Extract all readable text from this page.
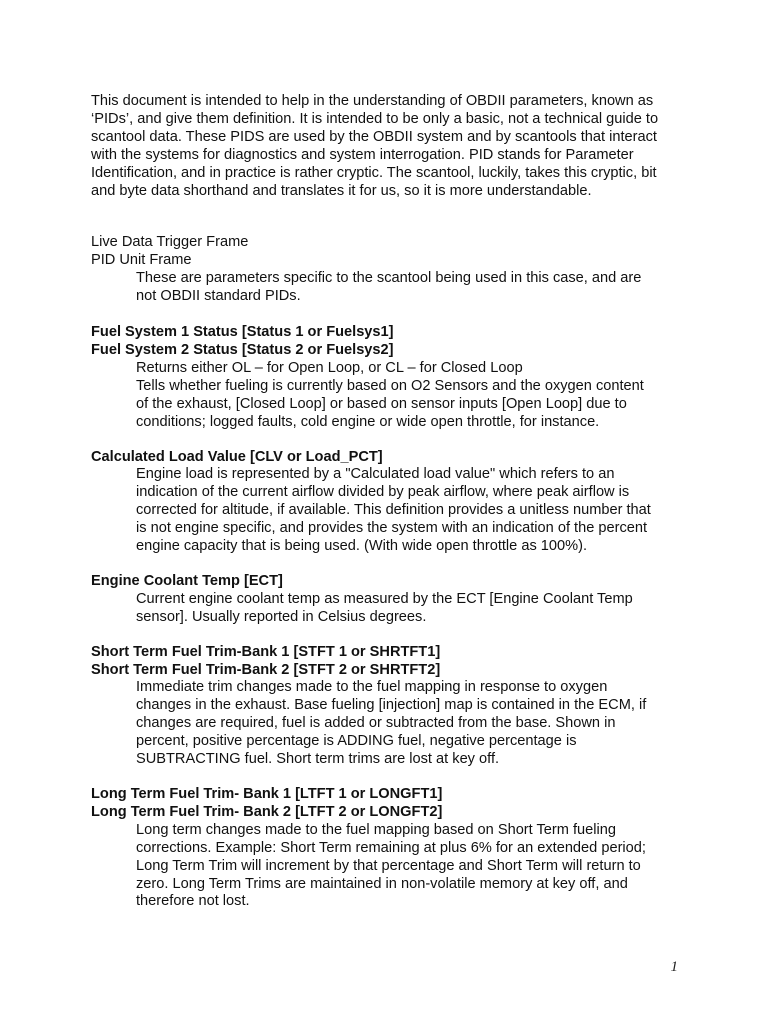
This document is intended to help in the understanding of OBDII parameters, known as
‘PIDs’, and give them definition. It is intended to be only a basic, not a technical guide to
scantool data. These PIDS are used by the OBDII system and by scantools that interact
with the systems for diagnostics and system interrogation. PID stands for Parameter
Identification, and in practice is rather cryptic. The scantool, luckily, takes this cryptic, bit
and byte data shorthand and translates it for us, so it is more understandable.

Live Data Trigger Frame
PID Unit Frame

These are parameters specific to the scantool being used in this case, and are
not OBDII standard PIDs.

Fuel System 1 Status [Status 1 or Fuelsys1]
Fuel System 2 Status [Status 2 or Fuelsys2]

Returns either OL – for Open Loop, or CL – for Closed Loop
Tells whether fueling is currently based on O2 Sensors and the oxygen content
of the exhaust, [Closed Loop] or based on sensor inputs [Open Loop] due to
conditions; logged faults, cold engine or wide open throttle, for instance.

Calculated Load Value [CLV or Load_PCT]

Engine load is represented by a "Calculated load value" which refers to an
indication of the current airflow divided by peak airflow, where peak airflow is
corrected for altitude, if available. This definition provides a unitless number that
is not engine specific, and provides the system with an indication of the percent
engine capacity that is being used. (With wide open throttle as 100%).

Engine Coolant Temp [ECT]

Current engine coolant temp as measured by the ECT [Engine Coolant Temp
sensor]. Usually reported in Celsius degrees.

Short Term Fuel Trim-Bank 1 [STFT 1 or SHRTFT1]
Short Term Fuel Trim-Bank 2 [STFT 2 or SHRTFT2]

Immediate trim changes made to the fuel mapping in response to oxygen
changes in the exhaust. Base fueling [injection] map is contained in the ECM, if
changes are required, fuel is added or subtracted from the base. Shown in
percent, positive percentage is ADDING fuel, negative percentage is
SUBTRACTING fuel. Short term trims are lost at key off.

Long Term Fuel Trim- Bank 1 [LTFT 1 or LONGFT1]
Long Term Fuel Trim- Bank 2 [LTFT 2 or LONGFT2]

Long term changes made to the fuel mapping based on Short Term fueling
corrections. Example: Short Term remaining at plus 6% for an extended period;
Long Term Trim will increment by that percentage and Short Term will return to
zero. Long Term Trims are maintained in non-volatile memory at key off, and
therefore not lost.

1
